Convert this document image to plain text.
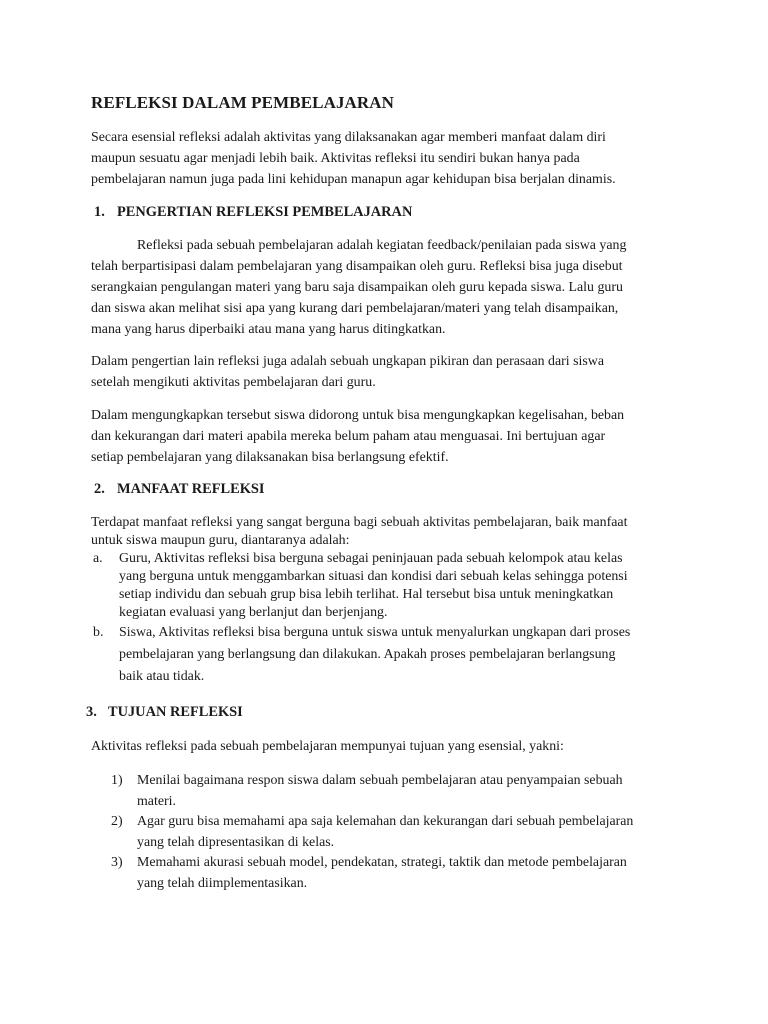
REFLEKSI DALAM PEMBELAJARAN

Secara esensial refleksi adalah aktivitas yang dilaksanakan agar memberi manfaat dalam diri
maupun sesuatu agar menjadi lebih baik. Aktivitas refleksi itu sendiri bukan hanya pada
pembelajaran namun juga pada lini kehidupan manapun agar kehidupan bisa berjalan dinamis.

1. PENGERTIAN REFLEKSI PEMBELAJARAN

Refleksi pada sebuah pembelajaran adalah kegiatan feedback/penilaian pada siswa yang
telah berpartisipasi dalam pembelajaran yang disampaikan oleh guru. Refleksi bisa juga disebut
serangkaian pengulangan materi yang baru saja disampaikan oleh guru kepada siswa. Lalu guru
dan siswa akan melihat sisi apa yang kurang dari pembelajaran/materi yang telah disampaikan,
mana yang harus diperbaiki atau mana yang harus ditingkatkan.

Dalam pengertian lain refleksi juga adalah sebuah ungkapan pikiran dan perasaan dari siswa
setelah mengikuti aktivitas pembelajaran dari guru.

Dalam mengungkapkan tersebut siswa didorong untuk bisa mengungkapkan kegelisahan, beban
dan kekurangan dari materi apabila mereka belum paham atau menguasai. Ini bertujuan agar
setiap pembelajaran yang dilaksanakan bisa berlangsung efektif.

2. MANFAAT REFLEKSI

Terdapat manfaat refleksi yang sangat berguna bagi sebuah aktivitas pembelajaran, baik manfaat
untuk siswa maupun guru, diantaranya adalah:

a. Guru, Aktivitas refleksi bisa berguna sebagai peninjauan pada sebuah kelompok atau kelas
yang berguna untuk menggambarkan situasi dan kondisi dari sebuah kelas sehingga potensi
setiap individu dan sebuah grup bisa lebih terlihat. Hal tersebut bisa untuk meningkatkan
kegiatan evaluasi yang berlanjut dan berjenjang.
b. Siswa, Aktivitas refleksi bisa berguna untuk siswa untuk menyalurkan ungkapan dari proses
pembelajaran yang berlangsung dan dilakukan. Apakah proses pembelajaran berlangsung
baik atau tidak.
3. TUJUAN REFLEKSI

Aktivitas refleksi pada sebuah pembelajaran mempunyai tujuan yang esensial, yakni:

1) Menilai bagaimana respon siswa dalam sebuah pembelajaran atau penyampaian sebuah
materi.
2) Agar guru bisa memahami apa saja kelemahan dan kekurangan dari sebuah pembelajaran
yang telah dipresentasikan di kelas.
3) Memahami akurasi sebuah model, pendekatan, strategi, taktik dan metode pembelajaran
yang telah diimplementasikan.
